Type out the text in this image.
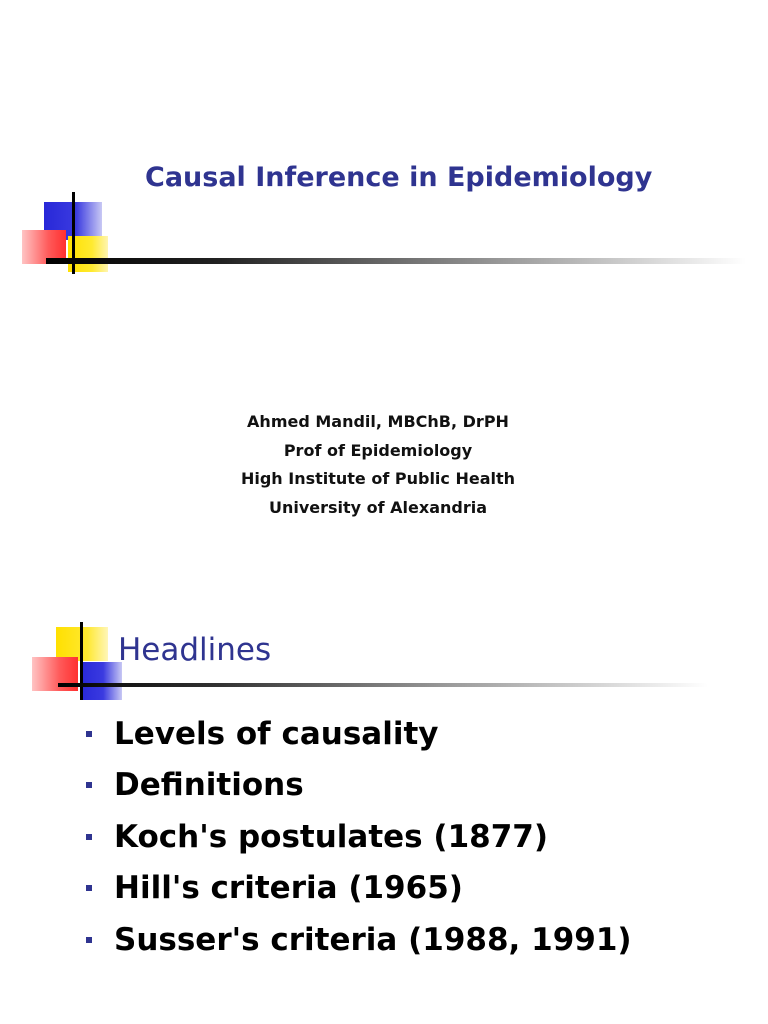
Causal Inference in Epidemiology
Ahmed Mandil, MBChB, DrPH
Prof of Epidemiology
High Institute of Public Health
University of Alexandria
Headlines
Levels of causality
Definitions
Koch's postulates (1877)
Hill's criteria (1965)
Susser's criteria (1988, 1991)
